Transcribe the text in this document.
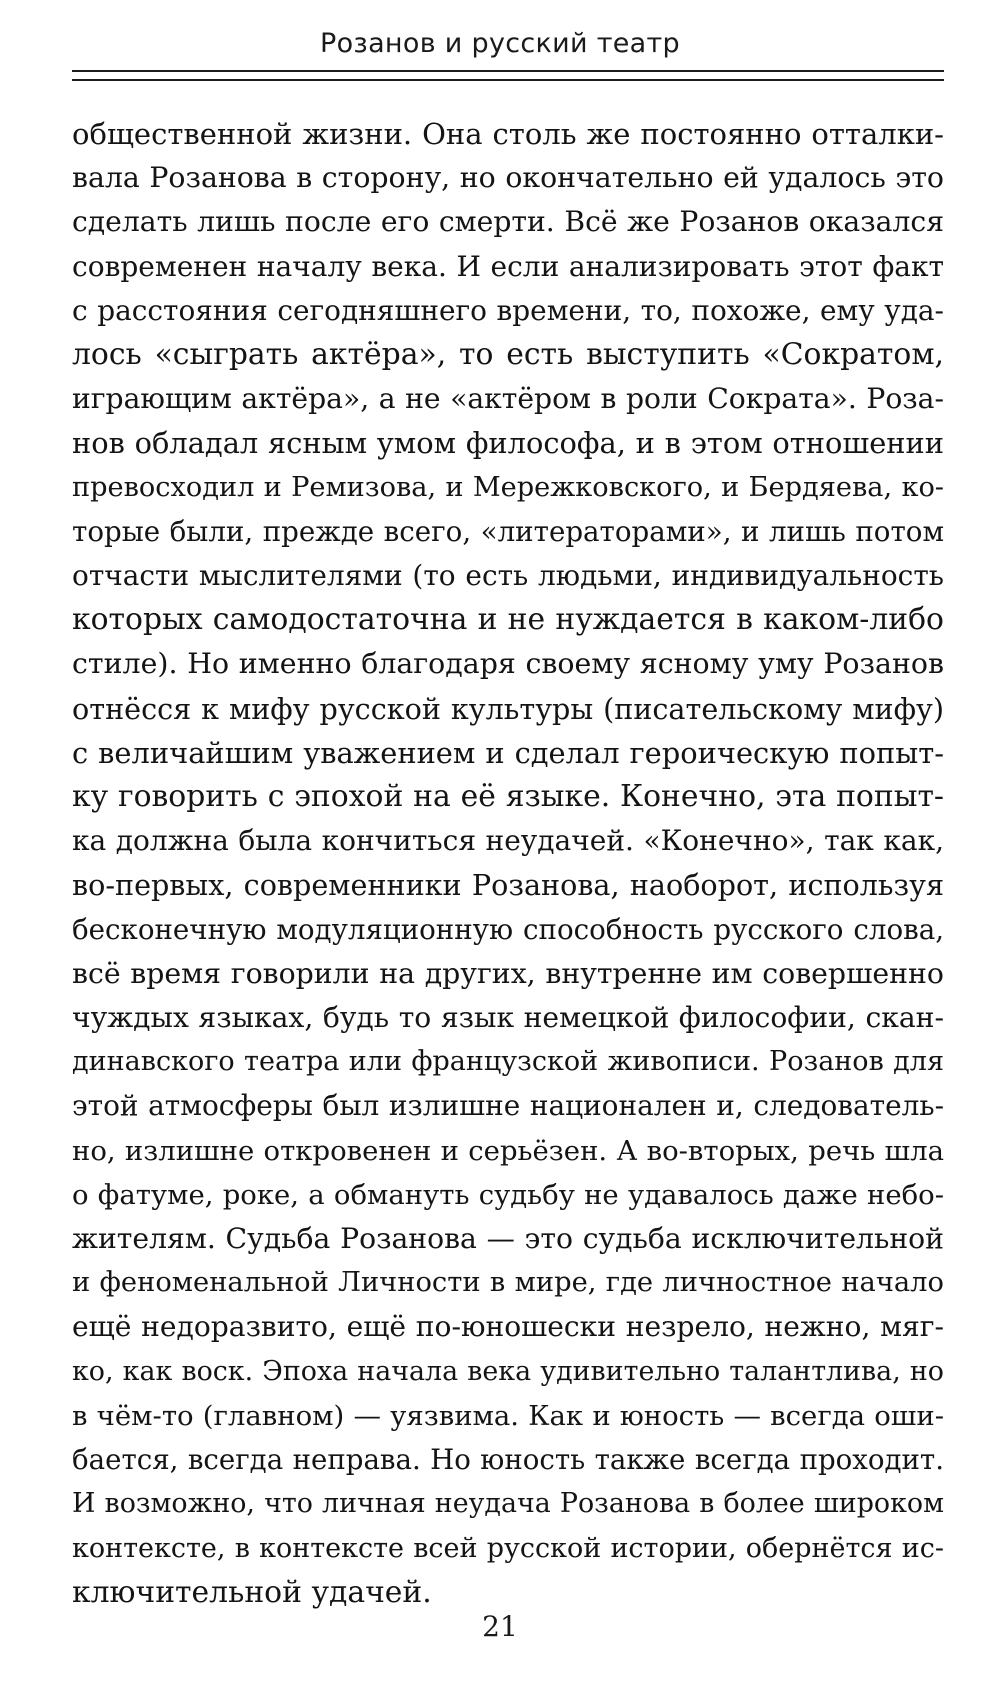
Розанов и русский театр
общественной жизни. Она столь же постоянно отталки-
вала Розанова в сторону, но окончательно ей удалось это
сделать лишь после его смерти. Всё же Розанов оказался
современен началу века. И если анализировать этот факт
с расстояния сегодняшнего времени, то, похоже, ему уда-
лось «сыграть актёра», то есть выступить «Сократом,
играющим актёра», а не «актёром в роли Сократа». Роза-
нов обладал ясным умом философа, и в этом отношении
превосходил и Ремизова, и Мережковского, и Бердяева, ко-
торые были, прежде всего, «литераторами», и лишь потом
отчасти мыслителями (то есть людьми, индивидуальность
которых самодостаточна и не нуждается в каком-либо
стиле). Но именно благодаря своему ясному уму Розанов
отнёсся к мифу русской культуры (писательскому мифу)
с величайшим уважением и сделал героическую попыт-
ку говорить с эпохой на её языке. Конечно, эта попыт-
ка должна была кончиться неудачей. «Конечно», так как,
во-первых, современники Розанова, наоборот, используя
бесконечную модуляционную способность русского слова,
всё время говорили на других, внутренне им совершенно
чуждых языках, будь то язык немецкой философии, скан-
динавского театра или французской живописи. Розанов для
этой атмосферы был излишне национален и, следователь-
но, излишне откровенен и серьёзен. А во-вторых, речь шла
о фатуме, роке, а обмануть судьбу не удавалось даже небо-
жителям. Судьба Розанова — это судьба исключительной
и феноменальной Личности в мире, где личностное начало
ещё недоразвито, ещё по-юношески незрело, нежно, мяг-
ко, как воск. Эпоха начала века удивительно талантлива, но
в чём-то (главном) — уязвима. Как и юность — всегда оши-
бается, всегда неправа. Но юность также всегда проходит.
И возможно, что личная неудача Розанова в более широком
контексте, в контексте всей русской истории, обернётся ис-
ключительной удачей.
21
